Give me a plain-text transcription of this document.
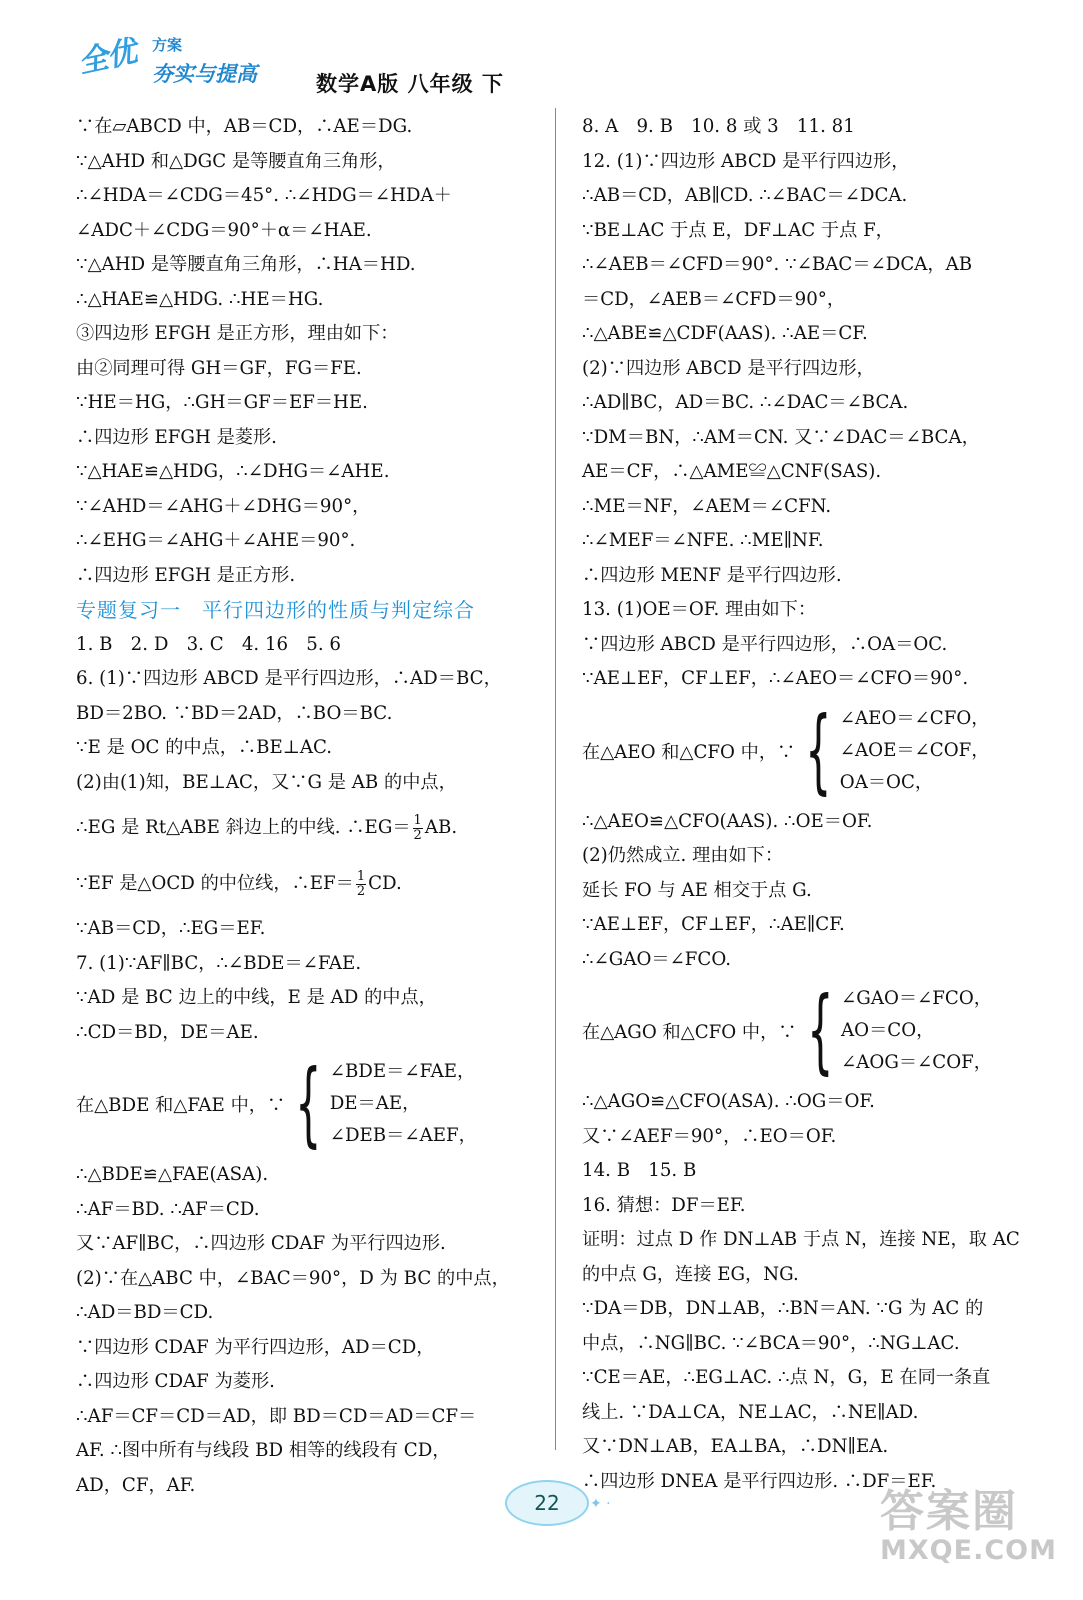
全优 方案
夯实与提高	数学A版 八年级 下
∵在▱ABCD 中，AB＝CD，∴AE＝DG.
∵△AHD 和△DGC 是等腰直角三角形，
∴∠HDA＝∠CDG＝45°. ∴∠HDG＝∠HDA＋
∠ADC＋∠CDG＝90°＋α＝∠HAE.
∵△AHD 是等腰直角三角形，∴HA＝HD.
∴△HAE≌△HDG. ∴HE＝HG.
③四边形 EFGH 是正方形，理由如下：
由②同理可得 GH＝GF，FG＝FE.
∵HE＝HG，∴GH＝GF＝EF＝HE.
∴四边形 EFGH 是菱形.
∵△HAE≌△HDG，∴∠DHG＝∠AHE.
∵∠AHD＝∠AHG＋∠DHG＝90°，
∴∠EHG＝∠AHG＋∠AHE＝90°.
∴四边形 EFGH 是正方形.
专题复习一　平行四边形的性质与判定综合
1. B　2. D　3. C　4. 16　5. 6
6. (1)∵四边形 ABCD 是平行四边形，∴AD＝BC，
BD＝2BO. ∵BD＝2AD，∴BO＝BC.
∵E 是 OC 的中点，∴BE⊥AC.
(2)由(1)知，BE⊥AC，又∵G 是 AB 的中点，
∴EG 是 Rt△ABE 斜边上的中线. ∴EG＝ $\frac{1}{2}$ AB.
∵EF 是△OCD 的中位线，∴EF＝ $\frac{1}{2}$ CD.
∵AB＝CD，∴EG＝EF.
7. (1)∵AF∥BC，∴∠BDE＝∠FAE.
∵AD 是 BC 边上的中线，E 是 AD 的中点，
∴CD＝BD，DE＝AE.
在△BDE 和△FAE 中，∵ { ∠BDE＝∠FAE，
DE＝AE，
∠DEB＝∠AEF，
∴△BDE≌△FAE(ASA).
∴AF＝BD. ∴AF＝CD.
又∵AF∥BC，∴四边形 CDAF 为平行四边形.
(2)∵在△ABC 中，∠BAC＝90°，D 为 BC 的中点，
∴AD＝BD＝CD.
∵四边形 CDAF 为平行四边形，AD＝CD，
∴四边形 CDAF 为菱形.
∴AF＝CF＝CD＝AD，即 BD＝CD＝AD＝CF＝
AF. ∴图中所有与线段 BD 相等的线段有 CD，
AD，CF，AF.
8. A　9. B　10. 8 或 3　11. 81
12. (1)∵四边形 ABCD 是平行四边形，
∴AB＝CD，AB∥CD. ∴∠BAC＝∠DCA.
∵BE⊥AC 于点 E，DF⊥AC 于点 F，
∴∠AEB＝∠CFD＝90°. ∵∠BAC＝∠DCA，AB
＝CD，∠AEB＝∠CFD＝90°，
∴△ABE≌△CDF(AAS). ∴AE＝CF.
(2)∵四边形 ABCD 是平行四边形，
∴AD∥BC，AD＝BC. ∴∠DAC＝∠BCA.
∵DM＝BN，∴AM＝CN. 又∵∠DAC＝∠BCA，
AE＝CF，∴△AME≌△CNF(SAS).
∴ME＝NF，∠AEM＝∠CFN.
∴∠MEF＝∠NFE. ∴ME∥NF.
∴四边形 MENF 是平行四边形.
13. (1)OE＝OF. 理由如下：
∵四边形 ABCD 是平行四边形，∴OA＝OC.
∵AE⊥EF，CF⊥EF，∴∠AEO＝∠CFO＝90°.
在△AEO 和△CFO 中，∵ { ∠AEO＝∠CFO，
∠AOE＝∠COF，
OA＝OC，
∴△AEO≌△CFO(AAS). ∴OE＝OF.
(2)仍然成立. 理由如下：
延长 FO 与 AE 相交于点 G.
∵AE⊥EF，CF⊥EF，∴AE∥CF.
∴∠GAO＝∠FCO.
在△AGO 和△CFO 中，∵ { ∠GAO＝∠FCO，
AO＝CO，
∠AOG＝∠COF，
∴△AGO≌△CFO(ASA). ∴OG＝OF.
又∵∠AEF＝90°，∴EO＝OF.
14. B　15. B
16. 猜想：DF＝EF.
证明：过点 D 作 DN⊥AB 于点 N，连接 NE，取 AC
的中点 G，连接 EG，NG.
∵DA＝DB，DN⊥AB，∴BN＝AN. ∵G 为 AC 的
中点，∴NG∥BC. ∵∠BCA＝90°，∴NG⊥AC.
∵CE＝AE，∴EG⊥AC. ∴点 N，G，E 在同一条直
线上. ∵DA⊥CA，NE⊥AC，∴NE∥AD.
又∵DN⊥AB，EA⊥BA，∴DN∥EA.
∴四边形 DNEA 是平行四边形. ∴DF＝EF.
22	✦ ·	答案圈
MXQE.COM
